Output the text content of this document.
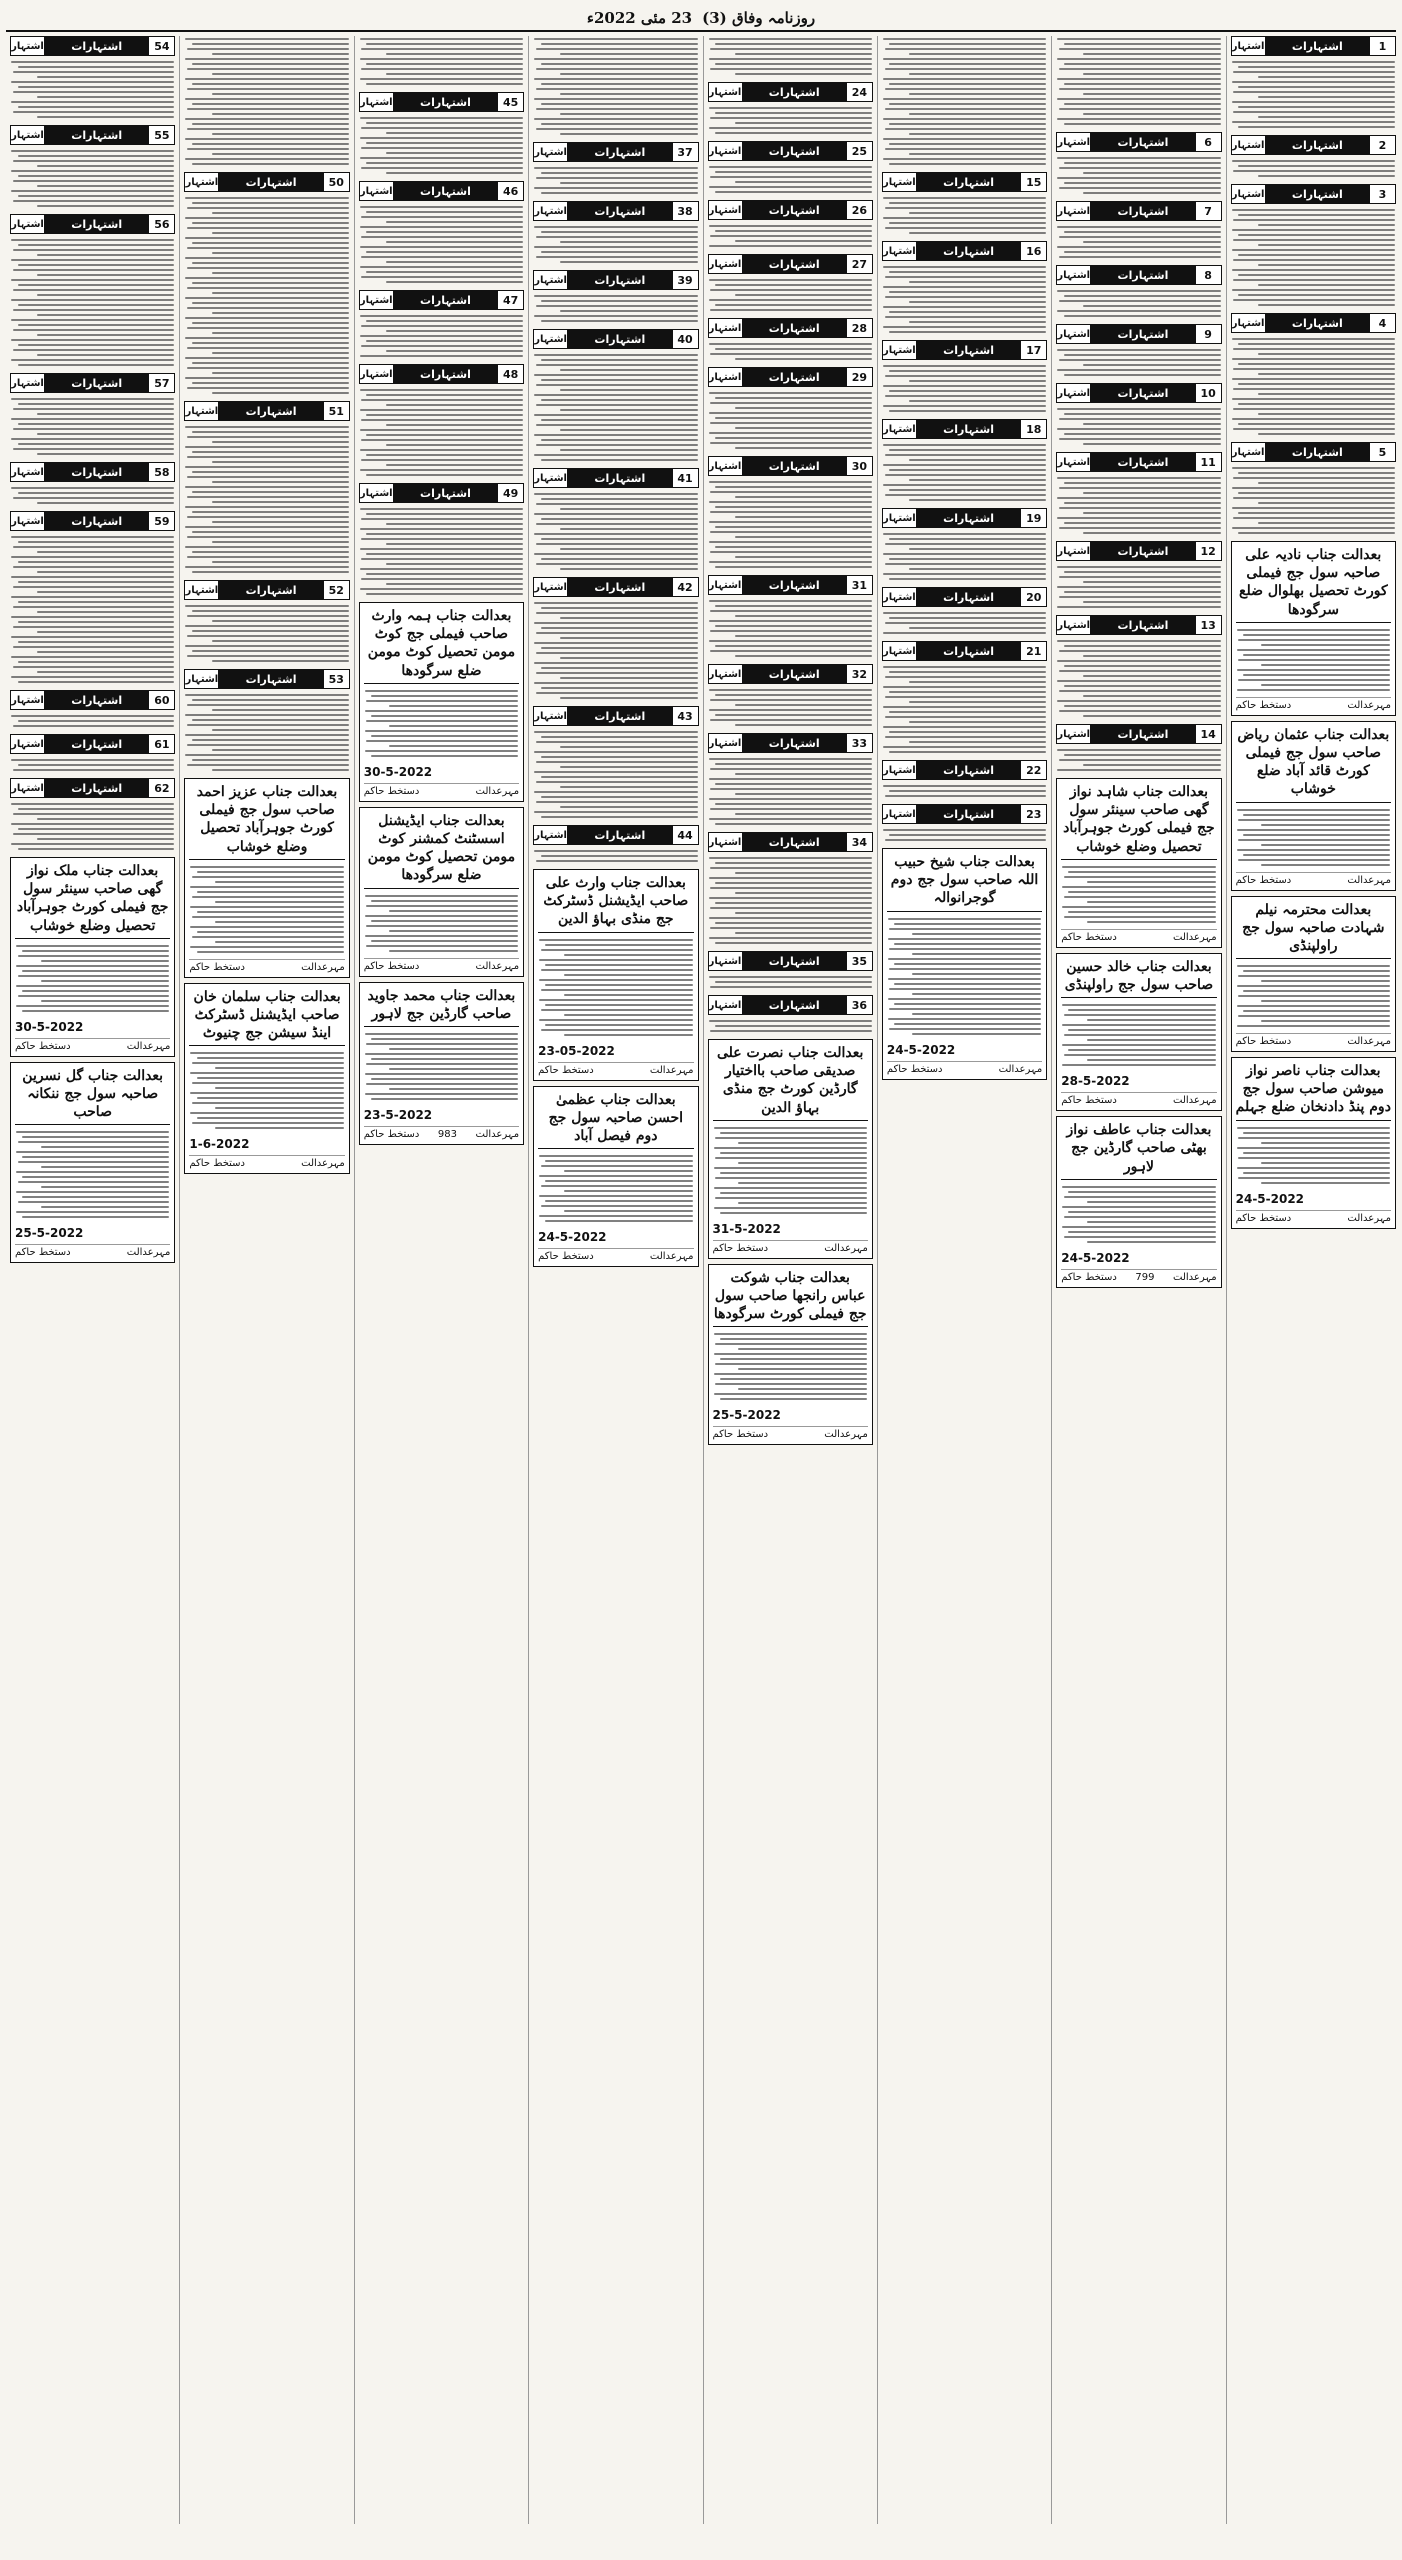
روزنامہ وفاق (3)
23 مئی 2022ء
1
اشتہارات
اشتہار
2
اشتہارات
اشتہار
3
اشتہارات
اشتہار
4
اشتہارات
اشتہار
5
اشتہارات
اشتہار
بعدالت جناب نادیہ علی صاحبہ سول جج فیملی کورٹ تحصیل بھلوال ضلع سرگودھا
مہرعدالت
دستخط حاکم
بعدالت جناب عثمان ریاض صاحب سول جج فیملی کورٹ قائد آباد ضلع خوشاب
مہرعدالت
دستخط حاکم
بعدالت محترمہ نیلم شہادت صاحبہ سول جج راولپنڈی
مہرعدالت
دستخط حاکم
بعدالت جناب ناصر نواز میوشن صاحب سول جج دوم پنڈ دادنخان ضلع جہلم
24-5-2022
مہرعدالت
دستخط حاکم
6
اشتہارات
اشتہار
7
اشتہارات
اشتہار
8
اشتہارات
اشتہار
9
اشتہارات
اشتہار
10
اشتہارات
اشتہار
11
اشتہارات
اشتہار
12
اشتہارات
اشتہار
13
اشتہارات
اشتہار
14
اشتہارات
اشتہار
بعدالت جناب شاہد نواز گھی صاحب سینئر سول جج فیملی کورٹ جوہرآباد تحصیل وضلع خوشاب
مہرعدالت
دستخط حاکم
بعدالت جناب خالد حسین صاحب سول جج راولپنڈی
28-5-2022
مہرعدالت
دستخط حاکم
بعدالت جناب عاطف نواز بھٹی صاحب گارڈین جج لاہور
24-5-2022
مہرعدالت
799
دستخط حاکم
15
اشتہارات
اشتہار
16
اشتہارات
اشتہار
17
اشتہارات
اشتہار
18
اشتہارات
اشتہار
19
اشتہارات
اشتہار
20
اشتہارات
اشتہار
21
اشتہارات
اشتہار
22
اشتہارات
اشتہار
23
اشتہارات
اشتہار
بعدالت جناب شیخ حبیب اللہ صاحب سول جج دوم گوجرانوالہ
24-5-2022
مہرعدالت
دستخط حاکم
24
اشتہارات
اشتہار
25
اشتہارات
اشتہار
26
اشتہارات
اشتہار
27
اشتہارات
اشتہار
28
اشتہارات
اشتہار
29
اشتہارات
اشتہار
30
اشتہارات
اشتہار
31
اشتہارات
اشتہار
32
اشتہارات
اشتہار
33
اشتہارات
اشتہار
34
اشتہارات
اشتہار
35
اشتہارات
اشتہار
36
اشتہارات
اشتہار
بعدالت جناب نصرت علی صدیقی صاحب بااختیار گارڈین کورٹ جج منڈی بہاؤ الدین
31-5-2022
مہرعدالت
دستخط حاکم
بعدالت جناب شوکت عباس رانجھا صاحب سول جج فیملی کورٹ سرگودھا
25-5-2022
مہرعدالت
دستخط حاکم
37
اشتہارات
اشتہار
38
اشتہارات
اشتہار
39
اشتہارات
اشتہار
40
اشتہارات
اشتہار
41
اشتہارات
اشتہار
42
اشتہارات
اشتہار
43
اشتہارات
اشتہار
44
اشتہارات
اشتہار
بعدالت جناب وارث علی صاحب ایڈیشنل ڈسٹرکٹ جج منڈی بہاؤ الدین
23-05-2022
مہرعدالت
دستخط حاکم
بعدالت جناب عظمیٰ احسن صاحبہ سول جج دوم فیصل آباد
24-5-2022
مہرعدالت
دستخط حاکم
45
اشتہارات
اشتہار
46
اشتہارات
اشتہار
47
اشتہارات
اشتہار
48
اشتہارات
اشتہار
49
اشتہارات
اشتہار
بعدالت جناب ہمہ وارث صاحب فیملی جج کوٹ مومن تحصیل کوٹ مومن ضلع سرگودھا
30-5-2022
مہرعدالت
دستخط حاکم
بعدالت جناب ایڈیشنل اسسٹنٹ کمشنر کوٹ مومن تحصیل کوٹ مومن ضلع سرگودھا
مہرعدالت
دستخط حاکم
بعدالت جناب محمد جاوید صاحب گارڈین جج لاہور
23-5-2022
مہرعدالت
983
دستخط حاکم
50
اشتہارات
اشتہار
51
اشتہارات
اشتہار
52
اشتہارات
اشتہار
53
اشتہارات
اشتہار
بعدالت جناب عزیز احمد صاحب سول جج فیملی کورٹ جوہرآباد تحصیل وضلع خوشاب
مہرعدالت
دستخط حاکم
بعدالت جناب سلمان خان صاحب ایڈیشنل ڈسٹرکٹ اینڈ سیشن جج چنیوٹ
1-6-2022
مہرعدالت
دستخط حاکم
54
اشتہارات
اشتہار
55
اشتہارات
اشتہار
56
اشتہارات
اشتہار
57
اشتہارات
اشتہار
58
اشتہارات
اشتہار
59
اشتہارات
اشتہار
60
اشتہارات
اشتہار
61
اشتہارات
اشتہار
62
اشتہارات
اشتہار
بعدالت جناب ملک نواز گھی صاحب سینئر سول جج فیملی کورٹ جوہرآباد تحصیل وضلع خوشاب
30-5-2022
مہرعدالت
دستخط حاکم
بعدالت جناب گل نسرین صاحبہ سول جج ننکانہ صاحب
25-5-2022
مہرعدالت
دستخط حاکم
